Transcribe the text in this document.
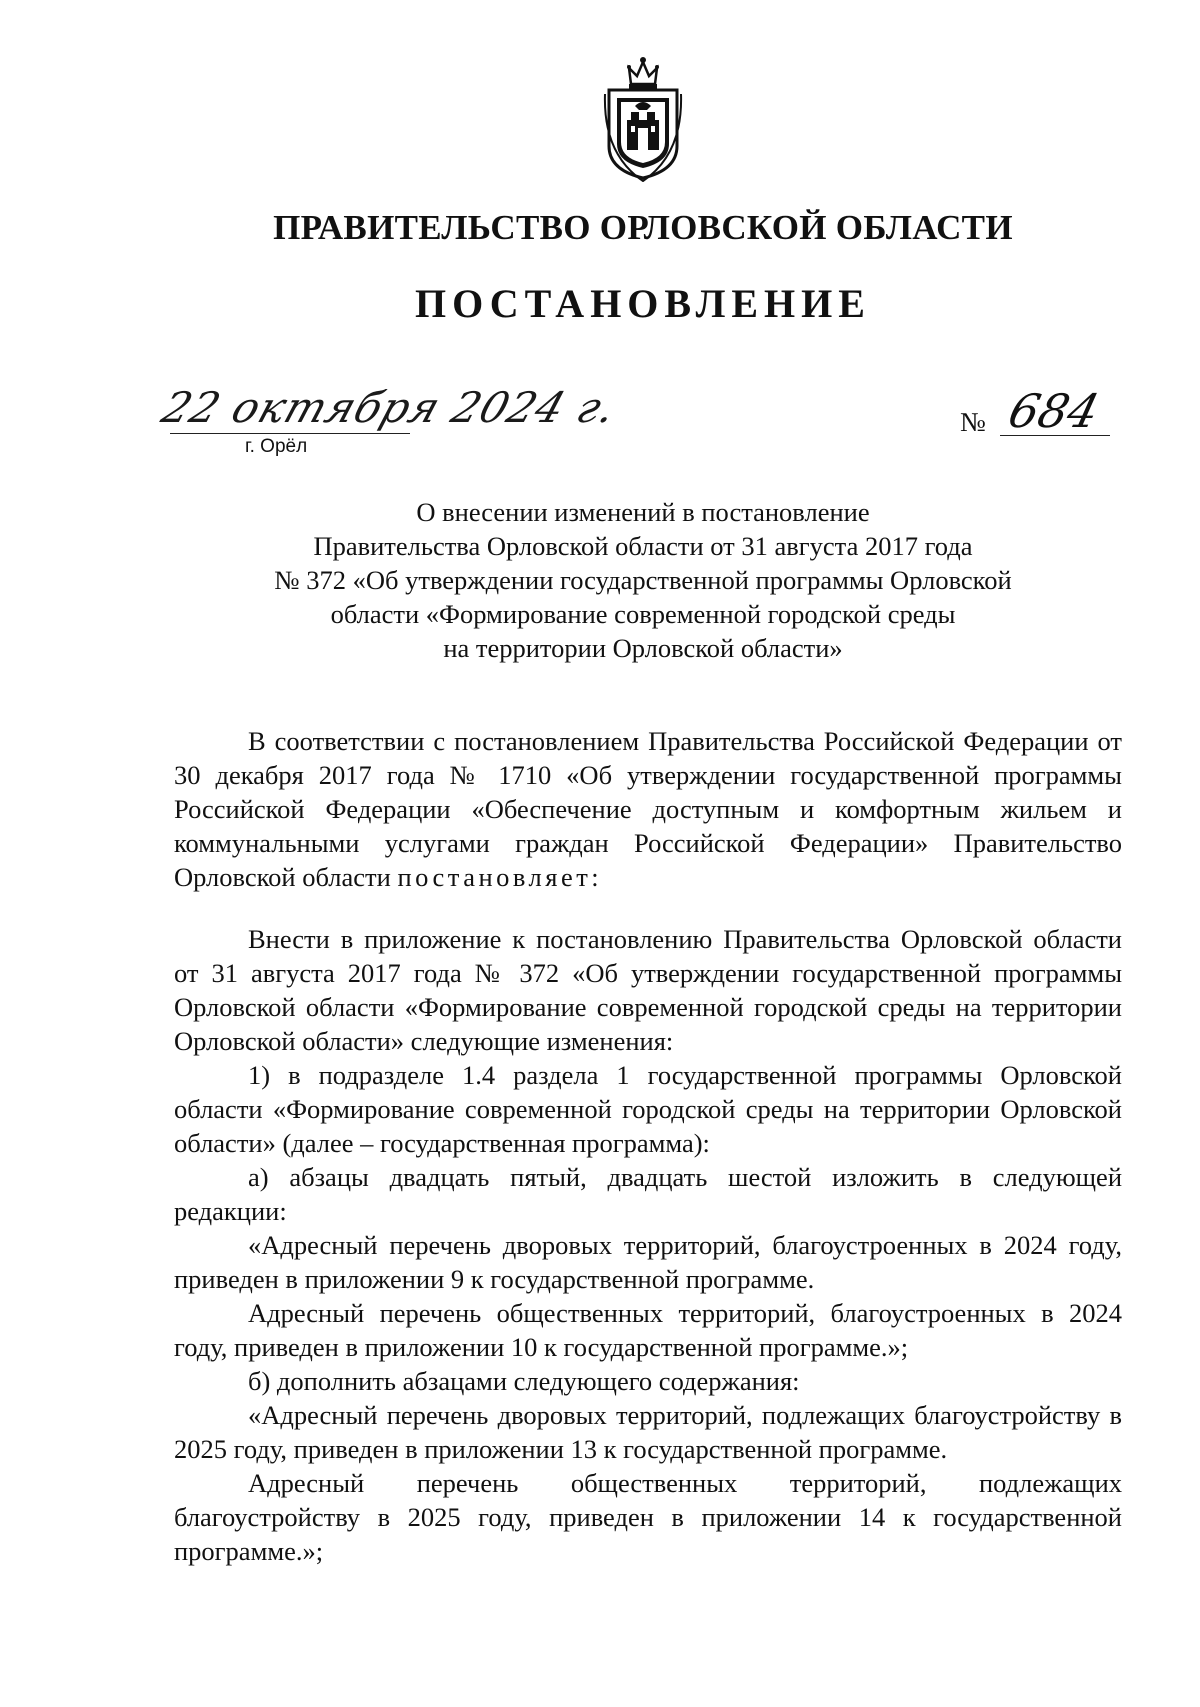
ПРАВИТЕЛЬСТВО ОРЛОВСКОЙ ОБЛАСТИ
ПОСТАНОВЛЕНИЕ
22 октября 2024 г.
г. Орёл
№ 684
О внесении изменений в постановление
Правительства Орловской области от 31 августа 2017 года
№ 372 «Об утверждении государственной программы Орловской
области «Формирование современной городской среды
на территории Орловской области»

В соответствии с постановлением Правительства Российской Федерации от 30 декабря 2017 года № 1710 «Об утверждении государственной программы Российской Федерации «Обеспечение доступным и комфортным жильем и коммунальными услугами граждан Российской Федерации» Правительство Орловской области постановляет:

Внести в приложение к постановлению Правительства Орловской области от 31 августа 2017 года № 372 «Об утверждении государственной программы Орловской области «Формирование современной городской среды на территории Орловской области» следующие изменения:

1) в подразделе 1.4 раздела 1 государственной программы Орловской области «Формирование современной городской среды на территории Орловской области» (далее – государственная программа):

а) абзацы двадцать пятый, двадцать шестой изложить в следующей редакции:

«Адресный перечень дворовых территорий, благоустроенных в 2024 году, приведен в приложении 9 к государственной программе.

Адресный перечень общественных территорий, благоустроенных в 2024 году, приведен в приложении 10 к государственной программе.»;

б) дополнить абзацами следующего содержания:

«Адресный перечень дворовых территорий, подлежащих благоустройству в 2025 году, приведен в приложении 13 к государственной программе.

Адресный перечень общественных территорий, подлежащих благоустройству в 2025 году, приведен в приложении 14 к государственной программе.»;
